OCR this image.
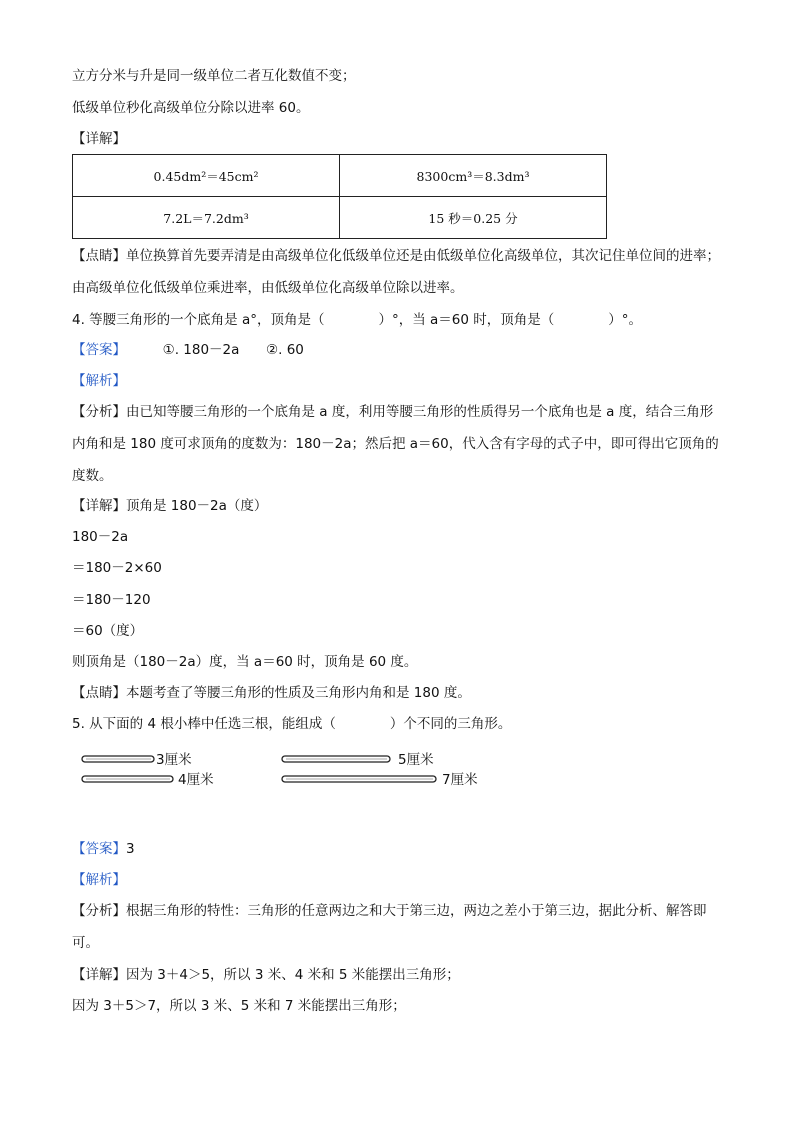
立方分米与升是同一级单位二者互化数值不变；
低级单位秒化高级单位分除以进率 60。
【详解】
0.45dm²＝45cm²	8300cm³＝8.3dm³
7.2L＝7.2dm³	15 秒＝0.25 分
【点睛】单位换算首先要弄清是由高级单位化低级单位还是由低级单位化高级单位，其次记住单位间的进率；由高级单位化低级单位乘进率，由低级单位化高级单位除以进率。
4. 等腰三角形的一个底角是 a°，顶角是（　　　　）°，当 a＝60 时，顶角是（　　　　）°。
【答案】	①. 180－2a ②. 60
【解析】
【分析】由已知等腰三角形的一个底角是 a 度，利用等腰三角形的性质得另一个底角也是 a 度，结合三角形内角和是 180 度可求顶角的度数为：180－2a；然后把 a＝60，代入含有字母的式子中，即可得出它顶角的度数。
【详解】顶角是 180－2a（度）
180－2a
＝180－2×60
＝180－120
＝60（度）
则顶角是（180－2a）度，当 a＝60 时，顶角是 60 度。
【点睛】本题考查了等腰三角形的性质及三角形内角和是 180 度。
5. 从下面的 4 根小棒中任选三根，能组成（　　　　）个不同的三角形。
3厘米	5厘米
4厘米	7厘米
【答案】3
【解析】
【分析】根据三角形的特性：三角形的任意两边之和大于第三边，两边之差小于第三边，据此分析、解答即可。
【详解】因为 3＋4＞5，所以 3 米、4 米和 5 米能摆出三角形；
因为 3＋5＞7，所以 3 米、5 米和 7 米能摆出三角形；
